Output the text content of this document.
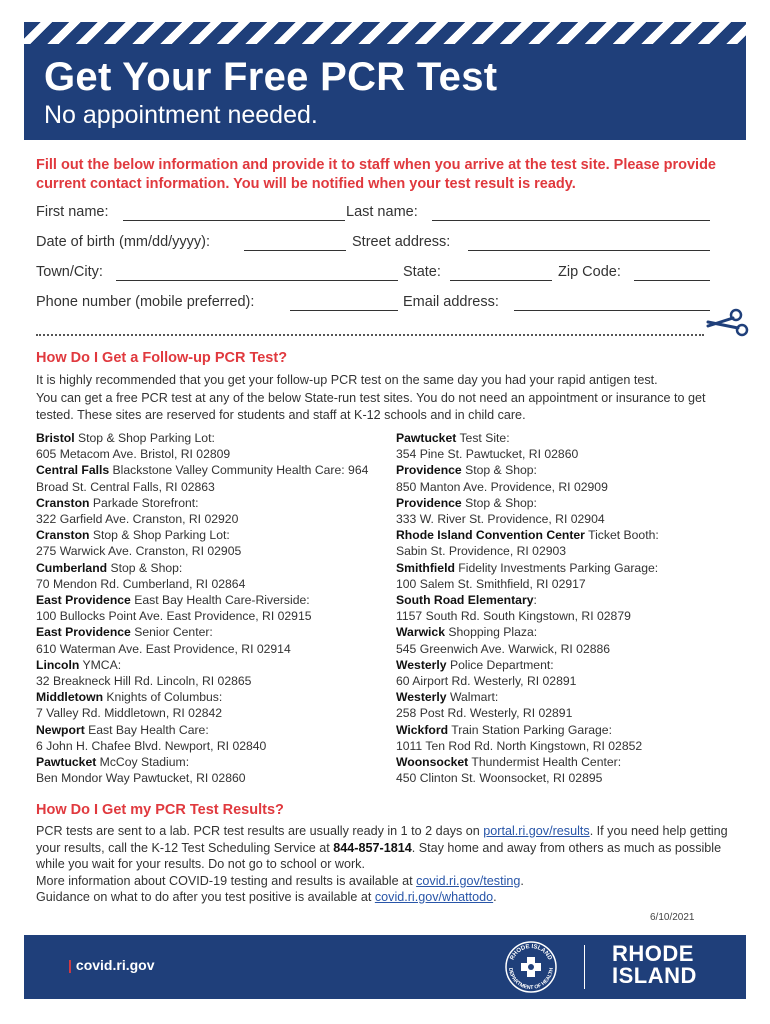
Get Your Free PCR Test
No appointment needed.

Fill out the below information and provide it to staff when you arrive at the test site. Please provide current contact information. You will be notified when your test result is ready.

First name:	Last name:
Date of birth (mm/dd/yyyy):	Street address:
Town/City:	State:	Zip Code:
Phone number (mobile preferred):	Email address:
How Do I Get a Follow-up PCR Test?

It is highly recommended that you get your follow-up PCR test on the same day you had your rapid antigen test.

You can get a free PCR test at any of the below State-run test sites. You do not need an appointment or insurance to get tested. These sites are reserved for students and staff at K-12 schools and in child care.

Bristol Stop & Shop Parking Lot:
605 Metacom Ave. Bristol, RI 02809
Central Falls Blackstone Valley Community Health Care: 964 Broad St. Central Falls, RI 02863
Cranston Parkade Storefront:
322 Garfield Ave. Cranston, RI 02920
Cranston Stop & Shop Parking Lot:
275 Warwick Ave. Cranston, RI 02905
Cumberland Stop & Shop:
70 Mendon Rd. Cumberland, RI 02864
East Providence East Bay Health Care-Riverside:
100 Bullocks Point Ave. East Providence, RI 02915
East Providence Senior Center:
610 Waterman Ave. East Providence, RI 02914
Lincoln YMCA:
32 Breakneck Hill Rd. Lincoln, RI 02865
Middletown Knights of Columbus:
7 Valley Rd. Middletown, RI 02842
Newport East Bay Health Care:
6 John H. Chafee Blvd. Newport, RI 02840
Pawtucket McCoy Stadium:
Ben Mondor Way Pawtucket, RI 02860
Pawtucket Test Site:
354 Pine St. Pawtucket, RI 02860
Providence Stop & Shop:
850 Manton Ave. Providence, RI 02909
Providence Stop & Shop:
333 W. River St. Providence, RI 02904
Rhode Island Convention Center Ticket Booth:
Sabin St. Providence, RI 02903
Smithfield Fidelity Investments Parking Garage:
100 Salem St. Smithfield, RI 02917
South Road Elementary:
1157 South Rd. South Kingstown, RI 02879
Warwick Shopping Plaza:
545 Greenwich Ave. Warwick, RI 02886
Westerly Police Department:
60 Airport Rd. Westerly, RI 02891
Westerly Walmart:
258 Post Rd. Westerly, RI 02891
Wickford Train Station Parking Garage:
1011 Ten Rod Rd. North Kingstown, RI 02852
Woonsocket Thundermist Health Center:
450 Clinton St. Woonsocket, RI 02895
How Do I Get my PCR Test Results?

PCR tests are sent to a lab. PCR test results are usually ready in 1 to 2 days on portal.ri.gov/results. If you need help getting your results, call the K-12 Test Scheduling Service at 844-857-1814. Stay home and away from others as much as possible while you wait for your results. Do not go to school or work.

More information about COVID-19 testing and results is available at covid.ri.gov/testing.

Guidance on what to do after you test positive is available at covid.ri.gov/whattodo.

6/10/2021
| covid.ri.gov	RHODE ISLAND
DEPARTMENT OF HEALTH
RHODE
ISLAND
